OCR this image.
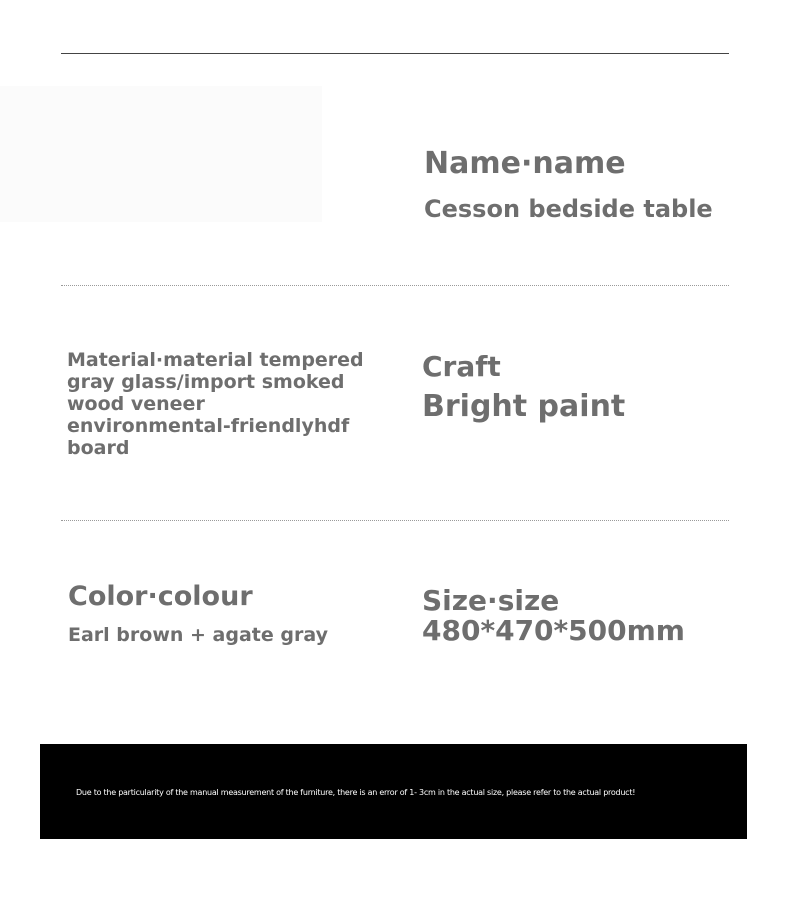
Name·name

Cesson bedside table

Material·material tempered gray glass/import smoked wood veneer environmental-friendlyhdf board

Craft

Bright paint

Color·colour

Earl brown + agate gray

Size·size

480*470*500mm

Due to the particularity of the manual measurement of the furniture, there is an error of 1- 3cm in the actual size, please refer to the actual product!
